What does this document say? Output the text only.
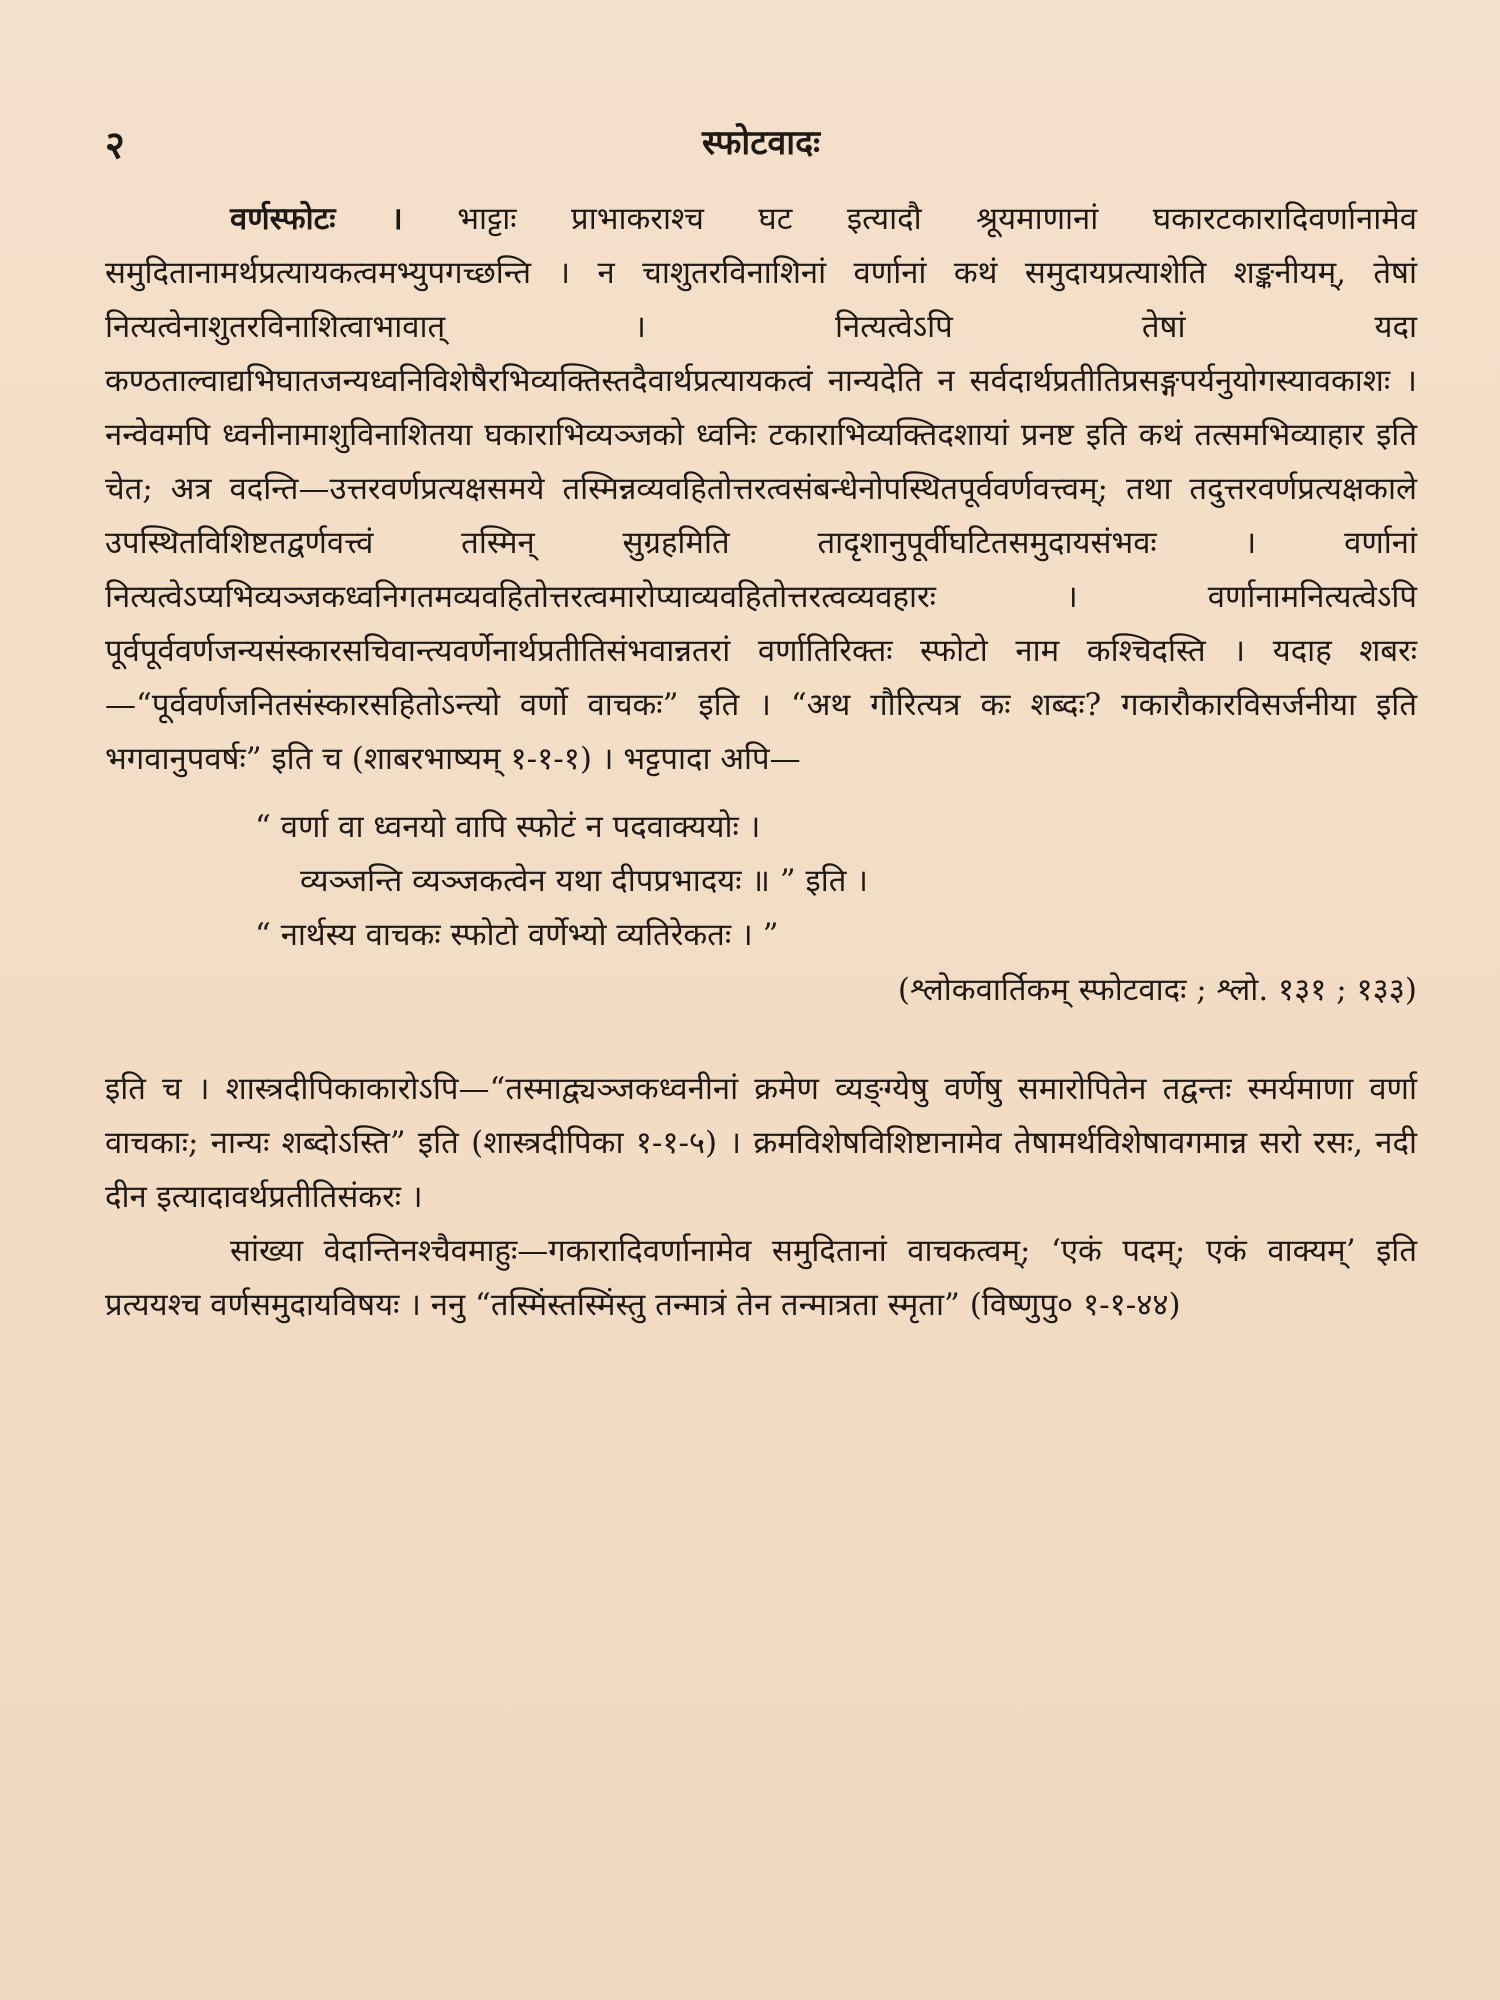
२	स्फोटवादः

वर्णस्फोटः । भाट्टाः प्राभाकराश्च घट इत्यादौ श्रूयमाणानां घकारटकारादिवर्णानामेव समुदितानामर्थप्रत्यायकत्वमभ्युपगच्छन्ति । न चाशुतरविनाशिनां वर्णानां कथं समुदायप्रत्याशेति शङ्कनीयम्, तेषां नित्यत्वेनाशुतरविनाशित्वाभावात् । नित्यत्वेऽपि तेषां यदा कण्ठताल्वाद्यभिघातजन्यध्वनिविशेषैरभिव्यक्तिस्तदैवार्थप्रत्यायकत्वं नान्यदेति न सर्वदार्थप्रतीतिप्रसङ्गपर्यनुयोगस्यावकाशः । नन्वेवमपि ध्वनीनामाशुविनाशितया घकाराभिव्यञ्जको ध्वनिः टकाराभिव्यक्तिदशायां प्रनष्ट इति कथं तत्समभिव्याहार इति चेत; अत्र वदन्ति—उत्तरवर्णप्रत्यक्षसमये तस्मिन्नव्यवहितोत्तरत्वसंबन्धेनोपस्थितपूर्ववर्णवत्त्वम्; तथा तदुत्तरवर्णप्रत्यक्षकाले उपस्थितविशिष्टतद्वर्णवत्त्वं तस्मिन् सुग्रहमिति तादृशानुपूर्वीघटितसमुदायसंभवः । वर्णानां नित्यत्वेऽप्यभिव्यञ्जकध्वनिगतमव्यवहितोत्तरत्वमारोप्याव्यवहितोत्तरत्वव्यवहारः । वर्णानामनित्यत्वेऽपि पूर्वपूर्ववर्णजन्यसंस्कारसचिवान्त्यवर्णेनार्थप्रतीतिसंभवान्नतरां वर्णातिरिक्तः स्फोटो नाम कश्चिदस्ति । यदाह शबरः—“पूर्ववर्णजनितसंस्कारसहितोऽन्त्यो वर्णो वाचकः” इति । “अथ गौरित्यत्र कः शब्दः? गकारौकारविसर्जनीया इति भगवानुपवर्षः” इति च (शाबरभाष्यम् १-१-१) । भट्टपादा अपि—

“ वर्णा वा ध्वनयो वापि स्फोटं न पदवाक्ययोः ।

व्यञ्जन्ति व्यञ्जकत्वेन यथा दीपप्रभादयः ॥ ” इति ।

“ नार्थस्य वाचकः स्फोटो वर्णेभ्यो व्यतिरेकतः । ”

(श्लोकवार्तिकम् स्फोटवादः ; श्लो. १३१ ; १३३)

इति च । शास्त्रदीपिकाकारोऽपि—“तस्माद्व्यञ्जकध्वनीनां क्रमेण व्यङ्ग्येषु वर्णेषु समारोपितेन तद्वन्तः स्मर्यमाणा वर्णा वाचकाः; नान्यः शब्दोऽस्ति” इति (शास्त्रदीपिका १-१-५) । क्रमविशेषविशिष्टानामेव तेषामर्थविशेषावगमान्न सरो रसः, नदी दीन इत्यादावर्थप्रतीतिसंकरः ।

सांख्या वेदान्तिनश्चैवमाहुः—गकारादिवर्णानामेव समुदितानां वाचकत्वम्; ‘एकं पदम्; एकं वाक्यम्’ इति प्रत्ययश्च वर्णसमुदायविषयः । ननु “तस्मिंस्तस्मिंस्तु तन्मात्रं तेन तन्मात्रता स्मृता” (विष्णुपु० १-१-४४)
